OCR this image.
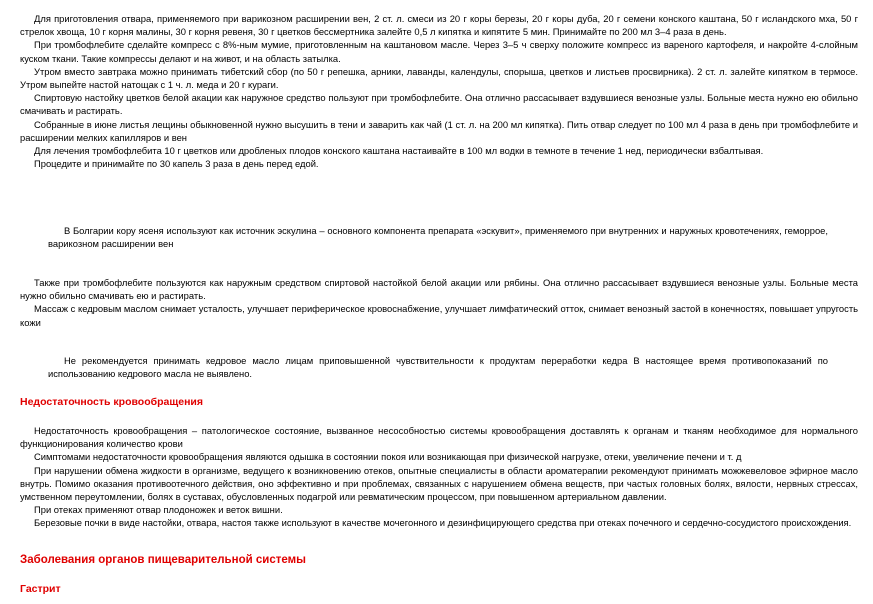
Для приготовления отвара, применяемого при варикозном расширении вен, 2 ст. л. смеси из 20 г коры березы, 20 г коры дуба, 20 г семени конского каштана, 50 г исландского мха, 50 г стрелок хвоща, 10 г корня малины, 30 г корня ревеня, 30 г цветков бессмертника залейте 0,5 л кипятка и кипятите 5 мин. Принимайте по 200 мл 3–4 раза в день.

При тромбофлебите сделайте компресс с 8%-ным мумие, приготовленным на каштановом масле. Через 3–5 ч сверху положите компресс из вареного картофеля, и накройте 4-слойным куском ткани. Такие компрессы делают и на живот, и на область затылка.

Утром вместо завтрака можно принимать тибетский сбор (по 50 г репешка, арники, лаванды, календулы, спорыша, цветков и листьев просвирника). 2 ст. л. залейте кипятком в термосе. Утром выпейте настой натощак с 1 ч. л. меда и 20 г кураги.

Спиртовую настойку цветков белой акации как наружное средство пользуют при тромбофлебите. Она отлично рассасывает вздувшиеся венозные узлы. Больные места нужно ею обильно смачивать и растирать.

Собранные в июне листья лещины обыкновенной нужно высушить в тени и заварить как чай (1 ст. л. на 200 мл кипятка). Пить отвар следует по 100 мл 4 раза в день при тромбофлебите и расширении мелких капилляров и вен

Для лечения тромбофлебита 10 г цветков или дробленых плодов конского каштана настаивайте в 100 мл водки в темноте в течение 1 нед, периодически взбалтывая.

Процедите и принимайте по 30 капель 3 раза в день перед едой.

В Болгарии кору ясеня используют как источник эскулина – основного компонента препарата «эскувит», применяемого при внутренних и наружных кровотечениях, геморрое, варикозном расширении вен

Также при тромбофлебите пользуются как наружным средством спиртовой настойкой белой акации или рябины. Она отлично рассасывает вздувшиеся венозные узлы. Больные места нужно обильно смачивать ею и растирать.

Массаж с кедровым маслом снимает усталость, улучшает периферическое кровоснабжение, улучшает лимфатический отток, снимает венозный застой в конечностях, повышает упругость кожи

Не рекомендуется принимать кедровое масло лицам приповышенной чувствительности к продуктам переработки кедра В настоящее время противопоказаний по использованию кедрового масла не выявлено.

Недостаточность кровообращения

Недостаточность кровообращения – патологическое состояние, вызванное несособностью системы кровообращения доставлять к органам и тканям необходимое для нормального функционирования количество крови

Симптомами недостаточности кровообращения являются одышка в состоянии покоя или возникающая при физической нагрузке, отеки, увеличение печени и т. д

При нарушении обмена жидкости в организме, ведущего к возникновению отеков, опытные специалисты в области ароматерапии рекомендуют принимать можжевеловое эфирное масло внутрь. Помимо оказания противоотечного действия, оно эффективно и при проблемах, связанных с нарушением обмена веществ, при частых головных болях, вялости, нервных стрессах, умственном переутомлении, болях в суставах, обусловленных подагрой или ревматическим процессом, при повышенном артериальном давлении.

При отеках применяют отвар плодоножек и веток вишни.

Березовые почки в виде настойки, отвара, настоя также используют в качестве мочегонного и дезинфицирующего средства при отеках почечного и сердечно-сосудистого происхождения.

Заболевания органов пищеварительной системы
Гастрит
